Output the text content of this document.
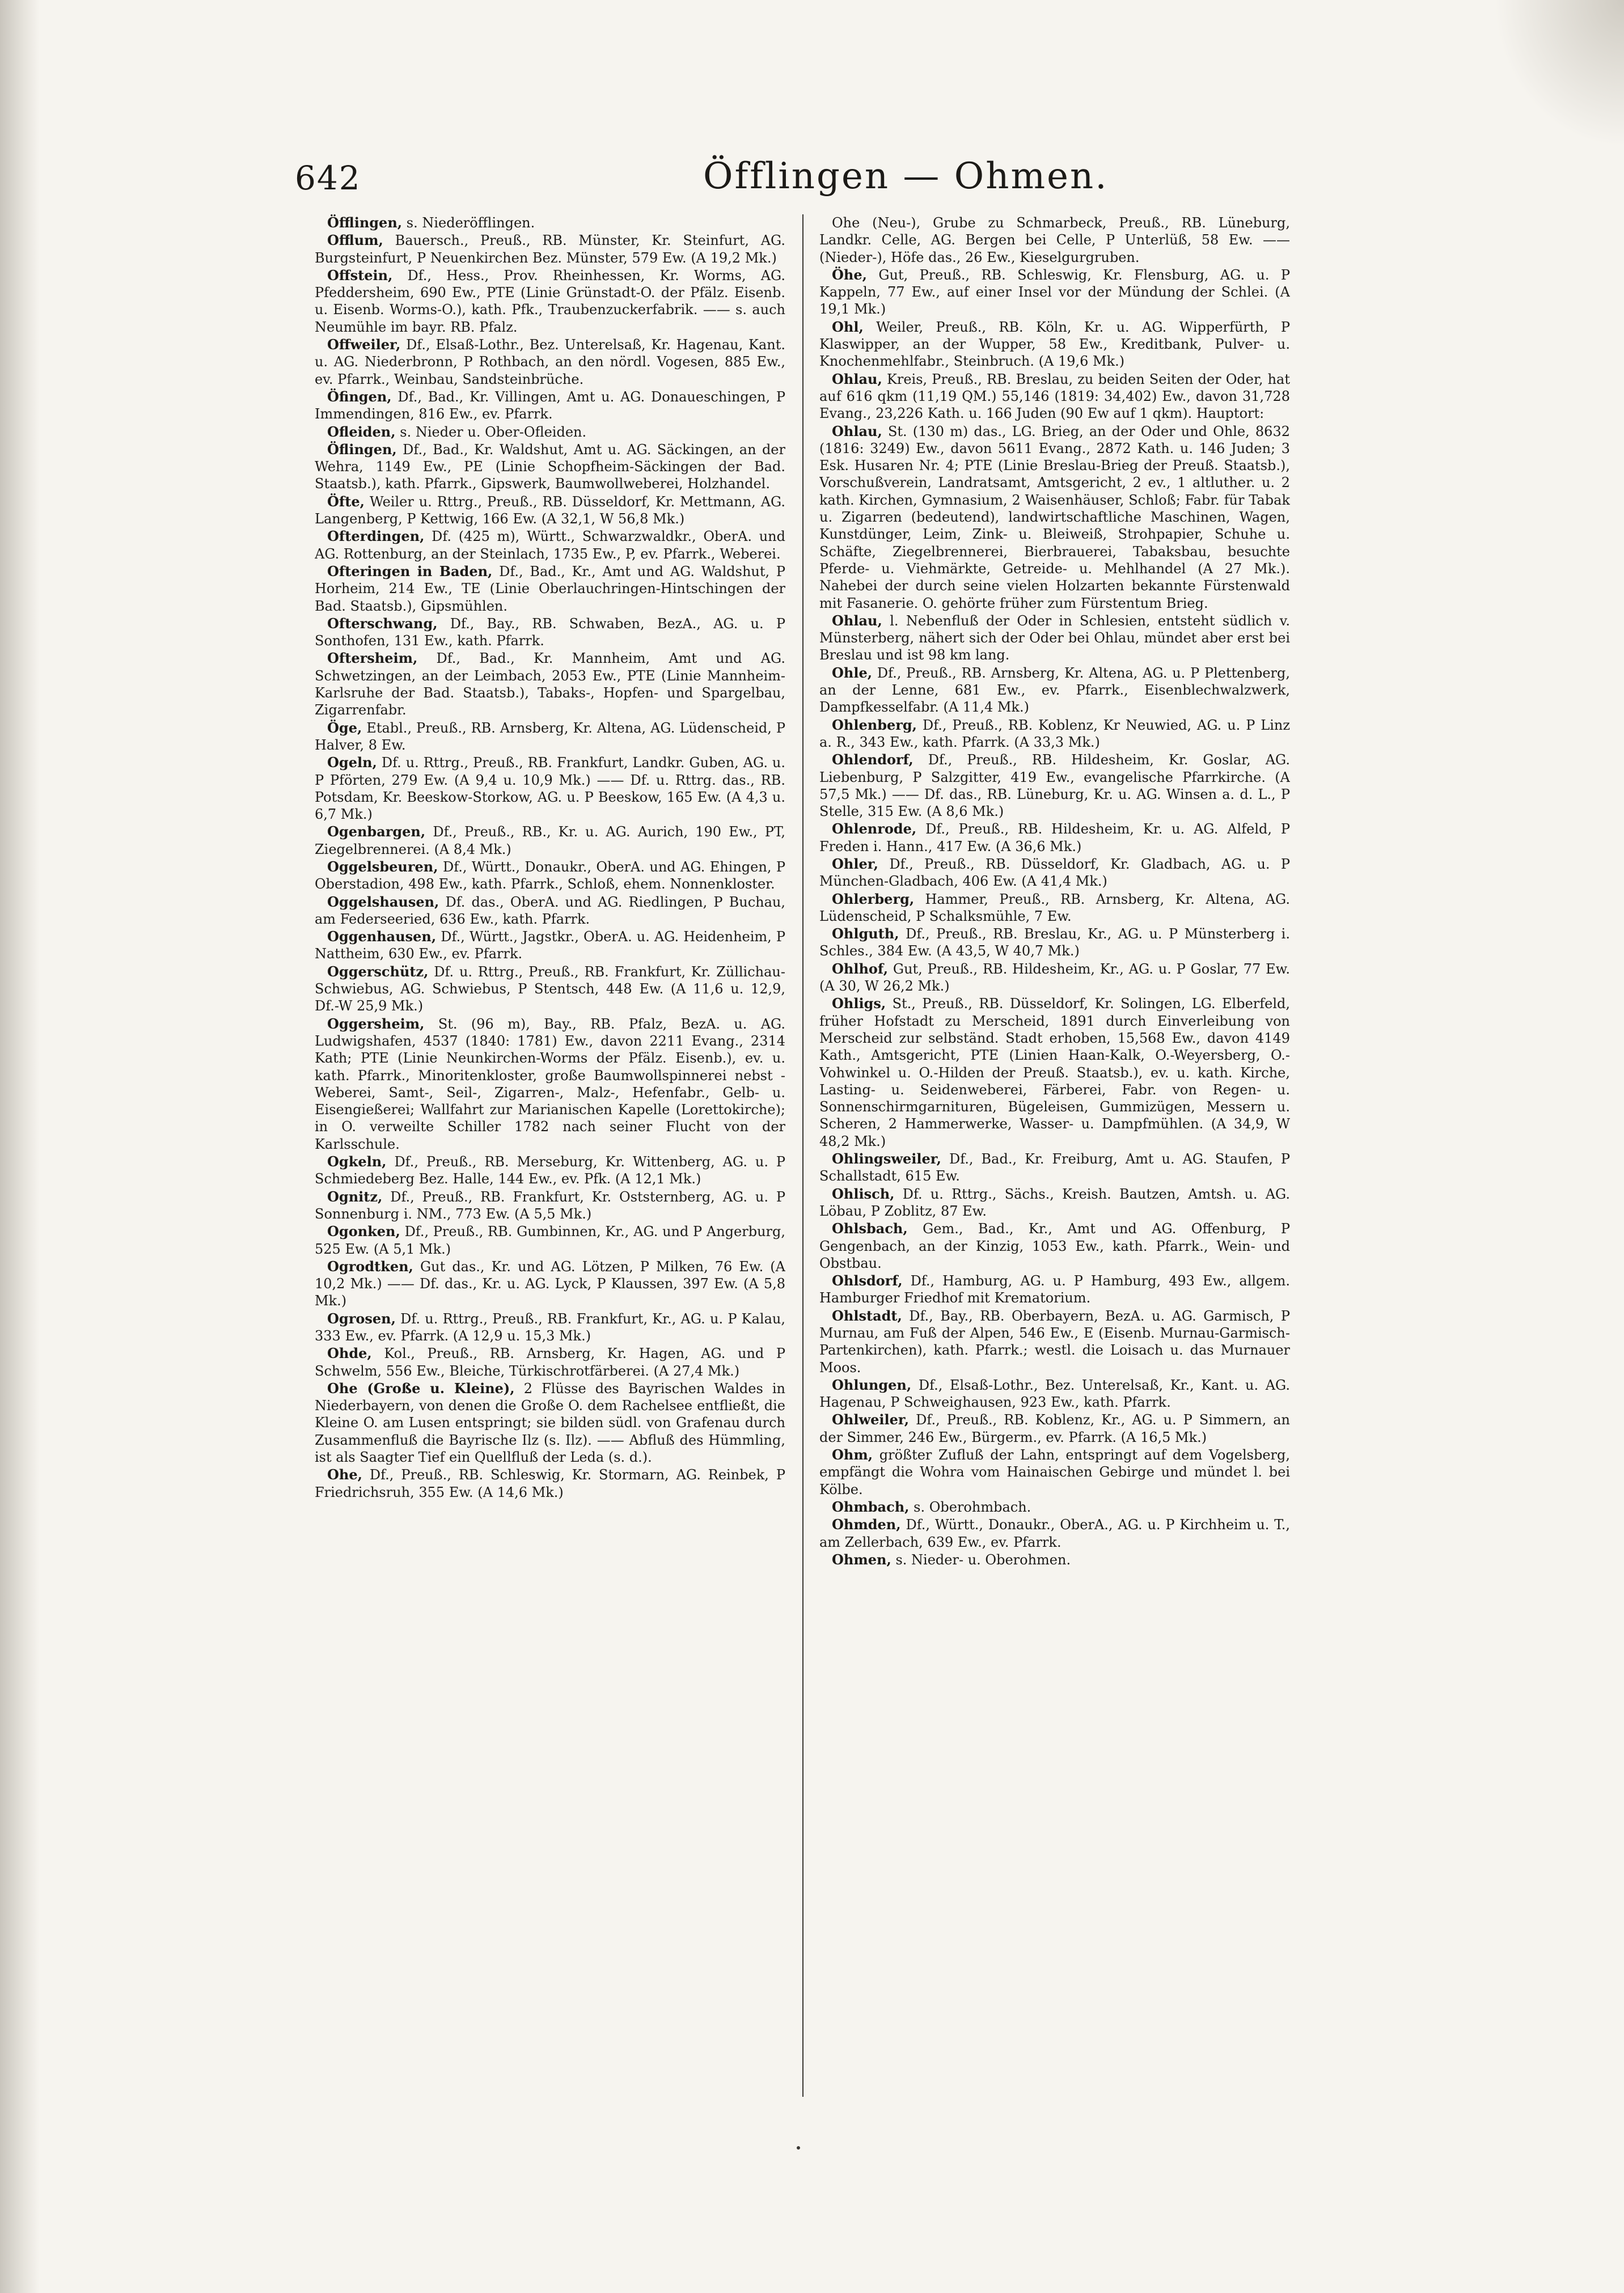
642	Öfflingen — Ohmen.

Öfflingen, s. Niederöfflingen.

Offlum, Bauersch., Preuß., RB. Münster, Kr. Steinfurt, AG. Burgsteinfurt, P Neuenkirchen Bez. Münster, 579 Ew. (A 19,2 Mk.)

Offstein, Df., Hess., Prov. Rheinhessen, Kr. Worms, AG. Pfeddersheim, 690 Ew., PTE (Linie Grünstadt-O. der Pfälz. Eisenb. u. Eisenb. Worms-O.), kath. Pfk., Traubenzuckerfabrik. —— s. auch Neumühle im bayr. RB. Pfalz.

Offweiler, Df., Elsaß-Lothr., Bez. Unterelsaß, Kr. Hagenau, Kant. u. AG. Niederbronn, P Rothbach, an den nördl. Vogesen, 885 Ew., ev. Pfarrk., Weinbau, Sandsteinbrüche.

Öfingen, Df., Bad., Kr. Villingen, Amt u. AG. Donaueschingen, P Immendingen, 816 Ew., ev. Pfarrk.

Ofleiden, s. Nieder u. Ober-Ofleiden.

Öflingen, Df., Bad., Kr. Waldshut, Amt u. AG. Säckingen, an der Wehra, 1149 Ew., PE (Linie Schopfheim-Säckingen der Bad. Staatsb.), kath. Pfarrk., Gipswerk, Baumwollweberei, Holzhandel.

Öfte, Weiler u. Rttrg., Preuß., RB. Düsseldorf, Kr. Mettmann, AG. Langenberg, P Kettwig, 166 Ew. (A 32,1, W 56,8 Mk.)

Ofterdingen, Df. (425 m), Württ., Schwarzwaldkr., OberA. und AG. Rottenburg, an der Steinlach, 1735 Ew., P, ev. Pfarrk., Weberei.

Ofteringen in Baden, Df., Bad., Kr., Amt und AG. Waldshut, P Horheim, 214 Ew., TE (Linie Oberlauchringen-Hintschingen der Bad. Staatsb.), Gipsmühlen.

Ofterschwang, Df., Bay., RB. Schwaben, BezA., AG. u. P Sonthofen, 131 Ew., kath. Pfarrk.

Oftersheim, Df., Bad., Kr. Mannheim, Amt und AG. Schwetzingen, an der Leimbach, 2053 Ew., PTE (Linie Mannheim-Karlsruhe der Bad. Staatsb.), Tabaks-, Hopfen- und Spargelbau, Zigarrenfabr.

Öge, Etabl., Preuß., RB. Arnsberg, Kr. Altena, AG. Lüdenscheid, P Halver, 8 Ew.

Ogeln, Df. u. Rttrg., Preuß., RB. Frankfurt, Landkr. Guben, AG. u. P Pförten, 279 Ew. (A 9,4 u. 10,9 Mk.) —— Df. u. Rttrg. das., RB. Potsdam, Kr. Beeskow-Storkow, AG. u. P Beeskow, 165 Ew. (A 4,3 u. 6,7 Mk.)

Ogenbargen, Df., Preuß., RB., Kr. u. AG. Aurich, 190 Ew., PT, Ziegelbrennerei. (A 8,4 Mk.)

Oggelsbeuren, Df., Württ., Donaukr., OberA. und AG. Ehingen, P Oberstadion, 498 Ew., kath. Pfarrk., Schloß, ehem. Nonnenkloster.

Oggelshausen, Df. das., OberA. und AG. Riedlingen, P Buchau, am Federseeried, 636 Ew., kath. Pfarrk.

Oggenhausen, Df., Württ., Jagstkr., OberA. u. AG. Heidenheim, P Nattheim, 630 Ew., ev. Pfarrk.

Oggerschütz, Df. u. Rttrg., Preuß., RB. Frankfurt, Kr. Züllichau-Schwiebus, AG. Schwiebus, P Stentsch, 448 Ew. (A 11,6 u. 12,9, Df.-W 25,9 Mk.)

Oggersheim, St. (96 m), Bay., RB. Pfalz, BezA. u. AG. Ludwigshafen, 4537 (1840: 1781) Ew., davon 2211 Evang., 2314 Kath; PTE (Linie Neunkirchen-Worms der Pfälz. Eisenb.), ev. u. kath. Pfarrk., Minoritenkloster, große Baumwollspinnerei nebst -Weberei, Samt-, Seil-, Zigarren-, Malz-, Hefenfabr., Gelb- u. Eisengießerei; Wallfahrt zur Marianischen Kapelle (Lorettokirche); in O. verweilte Schiller 1782 nach seiner Flucht von der Karlsschule.

Ogkeln, Df., Preuß., RB. Merseburg, Kr. Wittenberg, AG. u. P Schmiedeberg Bez. Halle, 144 Ew., ev. Pfk. (A 12,1 Mk.)

Ognitz, Df., Preuß., RB. Frankfurt, Kr. Oststernberg, AG. u. P Sonnenburg i. NM., 773 Ew. (A 5,5 Mk.)

Ogonken, Df., Preuß., RB. Gumbinnen, Kr., AG. und P Angerburg, 525 Ew. (A 5,1 Mk.)

Ogrodtken, Gut das., Kr. und AG. Lötzen, P Milken, 76 Ew. (A 10,2 Mk.) —— Df. das., Kr. u. AG. Lyck, P Klaussen, 397 Ew. (A 5,8 Mk.)

Ogrosen, Df. u. Rttrg., Preuß., RB. Frankfurt, Kr., AG. u. P Kalau, 333 Ew., ev. Pfarrk. (A 12,9 u. 15,3 Mk.)

Ohde, Kol., Preuß., RB. Arnsberg, Kr. Hagen, AG. und P Schwelm, 556 Ew., Bleiche, Türkischrotfärberei. (A 27,4 Mk.)

Ohe (Große u. Kleine), 2 Flüsse des Bayrischen Waldes in Niederbayern, von denen die Große O. dem Rachelsee entfließt, die Kleine O. am Lusen entspringt; sie bilden südl. von Grafenau durch Zusammenfluß die Bayrische Ilz (s. Ilz). —— Abfluß des Hümmling, ist als Saagter Tief ein Quellfluß der Leda (s. d.).

Ohe, Df., Preuß., RB. Schleswig, Kr. Stormarn, AG. Reinbek, P Friedrichsruh, 355 Ew. (A 14,6 Mk.)

Ohe (Neu-), Grube zu Schmarbeck, Preuß., RB. Lüneburg, Landkr. Celle, AG. Bergen bei Celle, P Unterlüß, 58 Ew. —— (Nieder-), Höfe das., 26 Ew., Kieselgurgruben.

Öhe, Gut, Preuß., RB. Schleswig, Kr. Flensburg, AG. u. P Kappeln, 77 Ew., auf einer Insel vor der Mündung der Schlei. (A 19,1 Mk.)

Ohl, Weiler, Preuß., RB. Köln, Kr. u. AG. Wipperfürth, P Klaswipper, an der Wupper, 58 Ew., Kreditbank, Pulver- u. Knochenmehlfabr., Steinbruch. (A 19,6 Mk.)

Ohlau, Kreis, Preuß., RB. Breslau, zu beiden Seiten der Oder, hat auf 616 qkm (11,19 QM.) 55,146 (1819: 34,402) Ew., davon 31,728 Evang., 23,226 Kath. u. 166 Juden (90 Ew auf 1 qkm). Hauptort:

Ohlau, St. (130 m) das., LG. Brieg, an der Oder und Ohle, 8632 (1816: 3249) Ew., davon 5611 Evang., 2872 Kath. u. 146 Juden; 3 Esk. Husaren Nr. 4; PTE (Linie Breslau-Brieg der Preuß. Staatsb.), Vorschußverein, Landratsamt, Amtsgericht, 2 ev., 1 altluther. u. 2 kath. Kirchen, Gymnasium, 2 Waisenhäuser, Schloß; Fabr. für Tabak u. Zigarren (bedeutend), landwirtschaftliche Maschinen, Wagen, Kunstdünger, Leim, Zink- u. Bleiweiß, Strohpapier, Schuhe u. Schäfte, Ziegelbrennerei, Bierbrauerei, Tabaksbau, besuchte Pferde- u. Viehmärkte, Getreide- u. Mehlhandel (A 27 Mk.). Nahebei der durch seine vielen Holzarten bekannte Fürstenwald mit Fasanerie. O. gehörte früher zum Fürstentum Brieg.

Ohlau, l. Nebenfluß der Oder in Schlesien, entsteht südlich v. Münsterberg, nähert sich der Oder bei Ohlau, mündet aber erst bei Breslau und ist 98 km lang.

Ohle, Df., Preuß., RB. Arnsberg, Kr. Altena, AG. u. P Plettenberg, an der Lenne, 681 Ew., ev. Pfarrk., Eisenblechwalzwerk, Dampfkesselfabr. (A 11,4 Mk.)

Ohlenberg, Df., Preuß., RB. Koblenz, Kr Neuwied, AG. u. P Linz a. R., 343 Ew., kath. Pfarrk. (A 33,3 Mk.)

Ohlendorf, Df., Preuß., RB. Hildesheim, Kr. Goslar, AG. Liebenburg, P Salzgitter, 419 Ew., evangelische Pfarrkirche. (A 57,5 Mk.) —— Df. das., RB. Lüneburg, Kr. u. AG. Winsen a. d. L., P Stelle, 315 Ew. (A 8,6 Mk.)

Ohlenrode, Df., Preuß., RB. Hildesheim, Kr. u. AG. Alfeld, P Freden i. Hann., 417 Ew. (A 36,6 Mk.)

Ohler, Df., Preuß., RB. Düsseldorf, Kr. Gladbach, AG. u. P München-Gladbach, 406 Ew. (A 41,4 Mk.)

Ohlerberg, Hammer, Preuß., RB. Arnsberg, Kr. Altena, AG. Lüdenscheid, P Schalksmühle, 7 Ew.

Ohlguth, Df., Preuß., RB. Breslau, Kr., AG. u. P Münsterberg i. Schles., 384 Ew. (A 43,5, W 40,7 Mk.)

Ohlhof, Gut, Preuß., RB. Hildesheim, Kr., AG. u. P Goslar, 77 Ew. (A 30, W 26,2 Mk.)

Ohligs, St., Preuß., RB. Düsseldorf, Kr. Solingen, LG. Elberfeld, früher Hofstadt zu Merscheid, 1891 durch Einverleibung von Merscheid zur selbständ. Stadt erhoben, 15,568 Ew., davon 4149 Kath., Amtsgericht, PTE (Linien Haan-Kalk, O.-Weyersberg, O.-Vohwinkel u. O.-Hilden der Preuß. Staatsb.), ev. u. kath. Kirche, Lasting- u. Seidenweberei, Färberei, Fabr. von Regen- u. Sonnenschirmgarnituren, Bügeleisen, Gummizügen, Messern u. Scheren, 2 Hammerwerke, Wasser- u. Dampfmühlen. (A 34,9, W 48,2 Mk.)

Ohlingsweiler, Df., Bad., Kr. Freiburg, Amt u. AG. Staufen, P Schallstadt, 615 Ew.

Ohlisch, Df. u. Rttrg., Sächs., Kreish. Bautzen, Amtsh. u. AG. Löbau, P Zoblitz, 87 Ew.

Ohlsbach, Gem., Bad., Kr., Amt und AG. Offenburg, P Gengenbach, an der Kinzig, 1053 Ew., kath. Pfarrk., Wein- und Obstbau.

Ohlsdorf, Df., Hamburg, AG. u. P Hamburg, 493 Ew., allgem. Hamburger Friedhof mit Krematorium.

Ohlstadt, Df., Bay., RB. Oberbayern, BezA. u. AG. Garmisch, P Murnau, am Fuß der Alpen, 546 Ew., E (Eisenb. Murnau-Garmisch-Partenkirchen), kath. Pfarrk.; westl. die Loisach u. das Murnauer Moos.

Ohlungen, Df., Elsaß-Lothr., Bez. Unterelsaß, Kr., Kant. u. AG. Hagenau, P Schweighausen, 923 Ew., kath. Pfarrk.

Ohlweiler, Df., Preuß., RB. Koblenz, Kr., AG. u. P Simmern, an der Simmer, 246 Ew., Bürgerm., ev. Pfarrk. (A 16,5 Mk.)

Ohm, größter Zufluß der Lahn, entspringt auf dem Vogelsberg, empfängt die Wohra vom Hainaischen Gebirge und mündet l. bei Kölbe.

Ohmbach, s. Oberohmbach.

Ohmden, Df., Württ., Donaukr., OberA., AG. u. P Kirchheim u. T., am Zellerbach, 639 Ew., ev. Pfarrk.

Ohmen, s. Nieder- u. Oberohmen.
